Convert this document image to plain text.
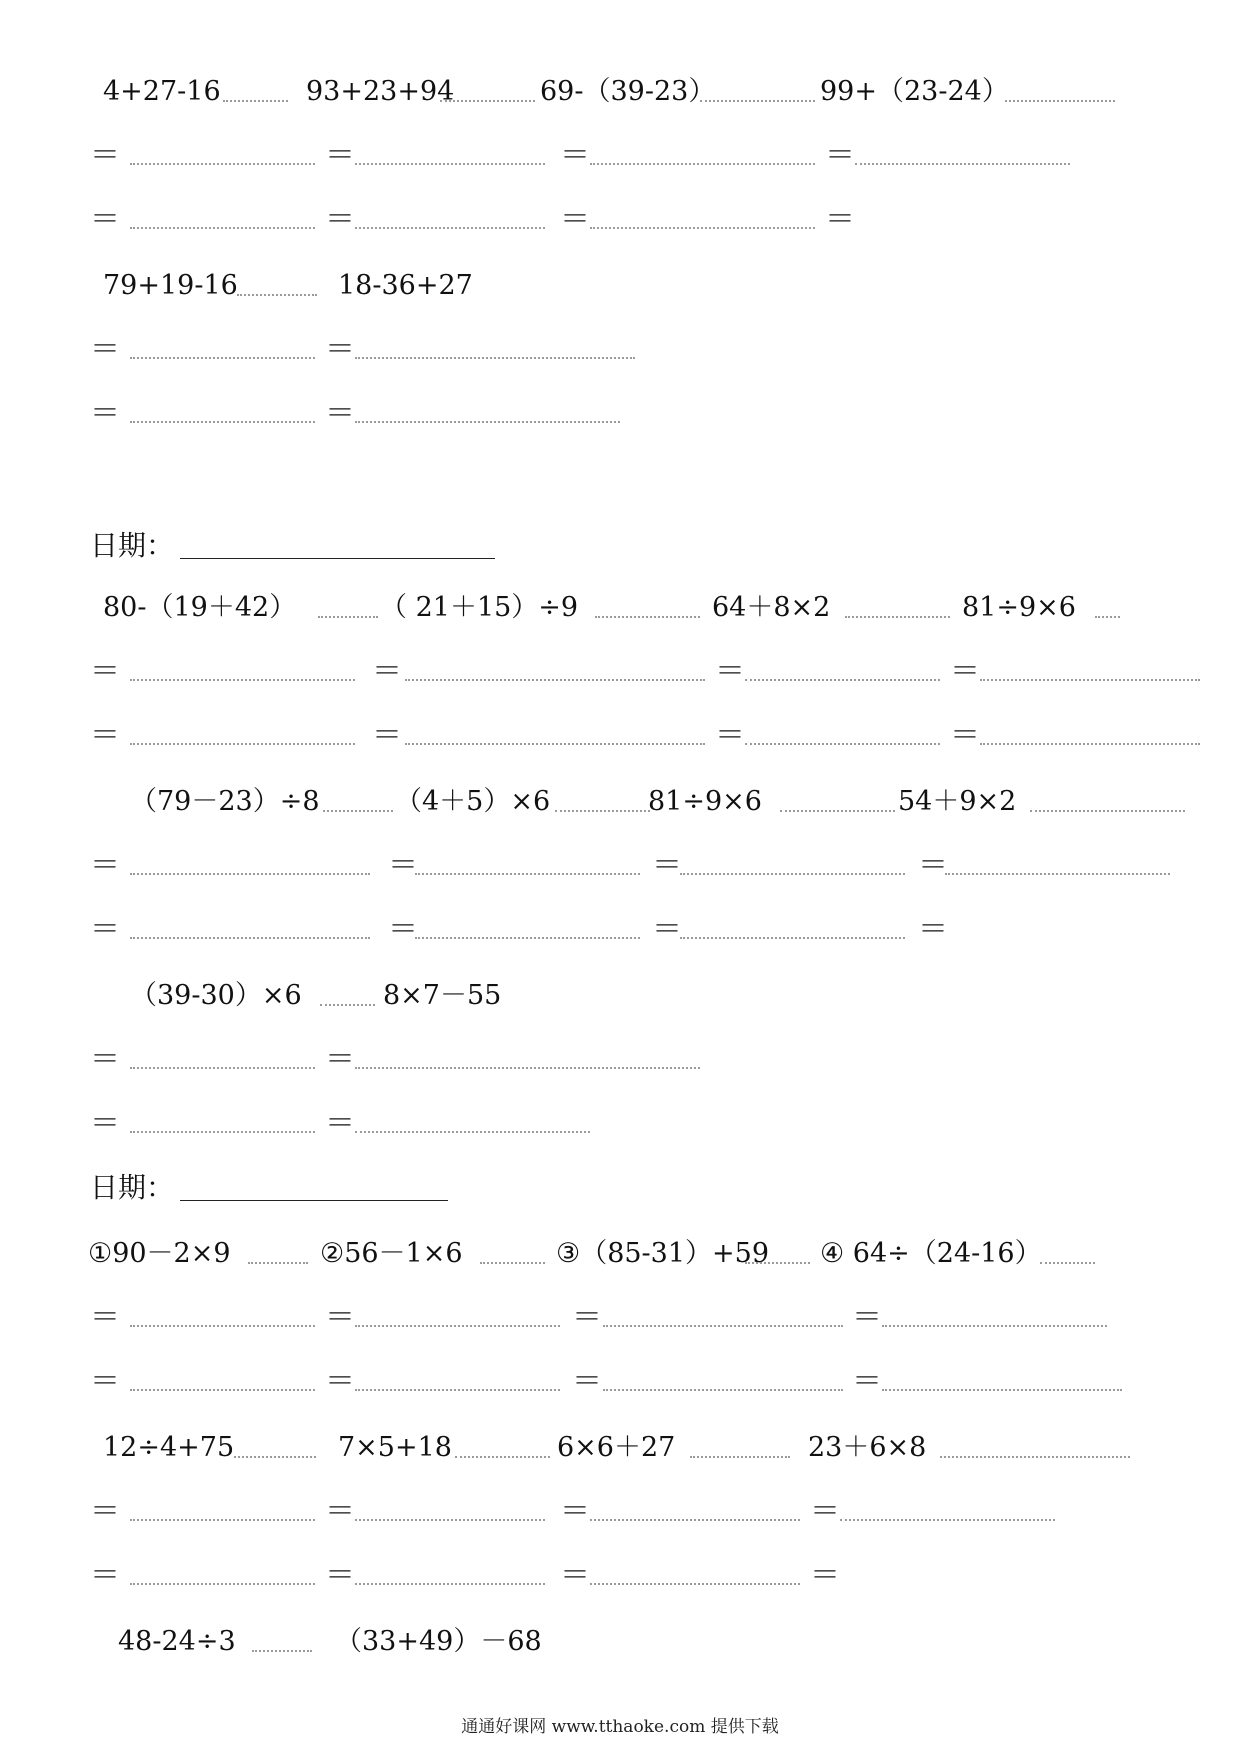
4+27-16	93+23+94	69-（39-23）	99+（23-24）
＝	＝	＝	＝
＝	＝	＝	＝
79+19-16	18-36+27
＝	＝
＝	＝
日期：
80-（19＋42）	（ 21＋15）÷9	64＋8×2	81÷9×6
＝	＝	＝	＝
＝	＝	＝	＝
（79－23）÷8	（4＋5）×6	81÷9×6	54＋9×2
＝	＝	＝	＝
＝	＝	＝	＝
（39-30）×6	8×7－55
＝	＝
＝	＝
日期：
①90－2×9	②56－1×6	③（85-31）+59 ④ 64÷（24-16）
＝	＝	＝	＝
＝	＝	＝	＝
12÷4+75	7×5+18	6×6＋27	23＋6×8
＝	＝	＝	＝
＝	＝	＝	＝
48-24÷3	（33+49）－68
通通好课网 www.tthaoke.com 提供下载
